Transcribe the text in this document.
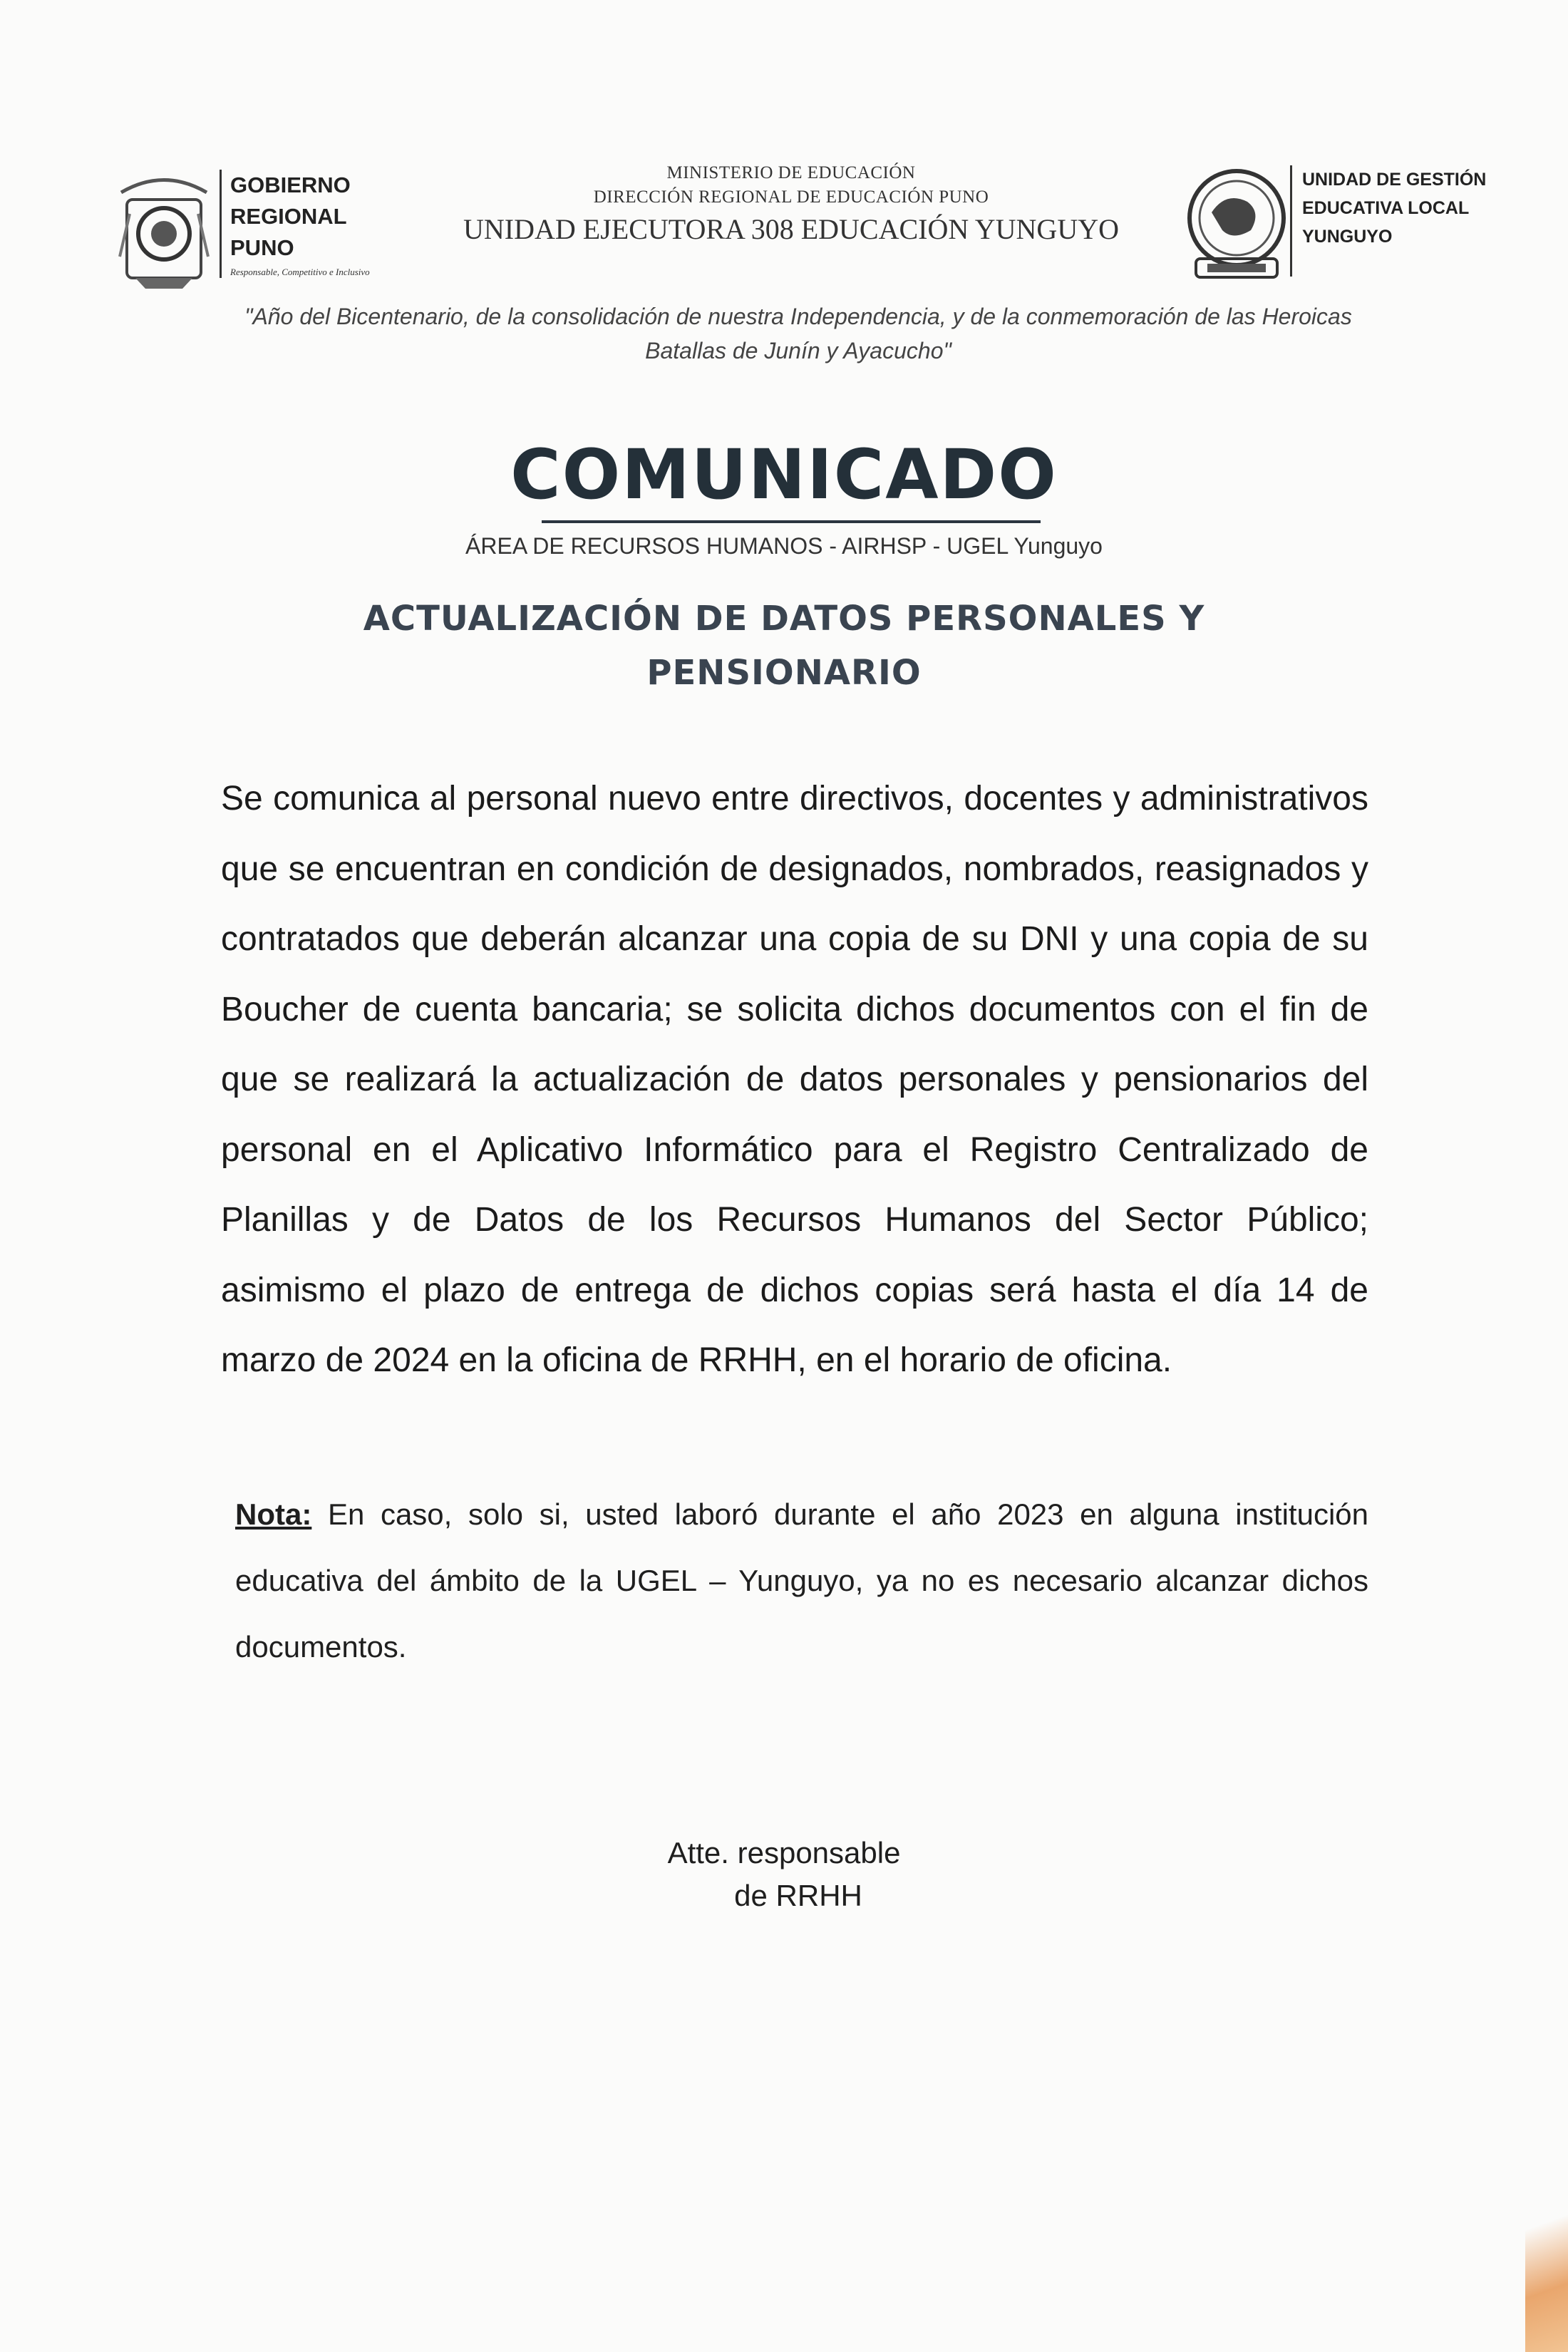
GOBIERNO
REGIONAL
PUNO
Responsable, Competitivo e Inclusivo
MINISTERIO DE EDUCACIÓN
DIRECCIÓN REGIONAL DE EDUCACIÓN PUNO
UNIDAD EJECUTORA 308 EDUCACIÓN YUNGUYO
UNIDAD DE GESTIÓN
EDUCATIVA LOCAL
YUNGUYO
"Año del Bicentenario, de la consolidación de nuestra Independencia, y de la conmemoración de las Heroicas Batallas de Junín y Ayacucho"
COMUNICADO
ÁREA DE RECURSOS HUMANOS - AIRHSP - UGEL Yunguyo
ACTUALIZACIÓN DE DATOS PERSONALES Y PENSIONARIO
Se comunica al personal nuevo entre directivos, docentes y administrativos que se encuentran en condición de designados, nombrados, reasignados y contratados que deberán alcanzar una copia de su DNI y una copia de su Boucher de cuenta bancaria; se solicita dichos documentos con el fin de que se realizará la actualización de datos personales y pensionarios del personal en el Aplicativo Informático para el Registro Centralizado de Planillas y de Datos de los Recursos Humanos del Sector Público; asimismo el plazo de entrega de dichos copias será hasta el día 14 de marzo de 2024 en la oficina de RRHH, en el horario de oficina.
Nota: En caso, solo si, usted laboró durante el año 2023 en alguna institución educativa del ámbito de la UGEL – Yunguyo, ya no es necesario alcanzar dichos documentos.
Atte. responsable
de RRHH
